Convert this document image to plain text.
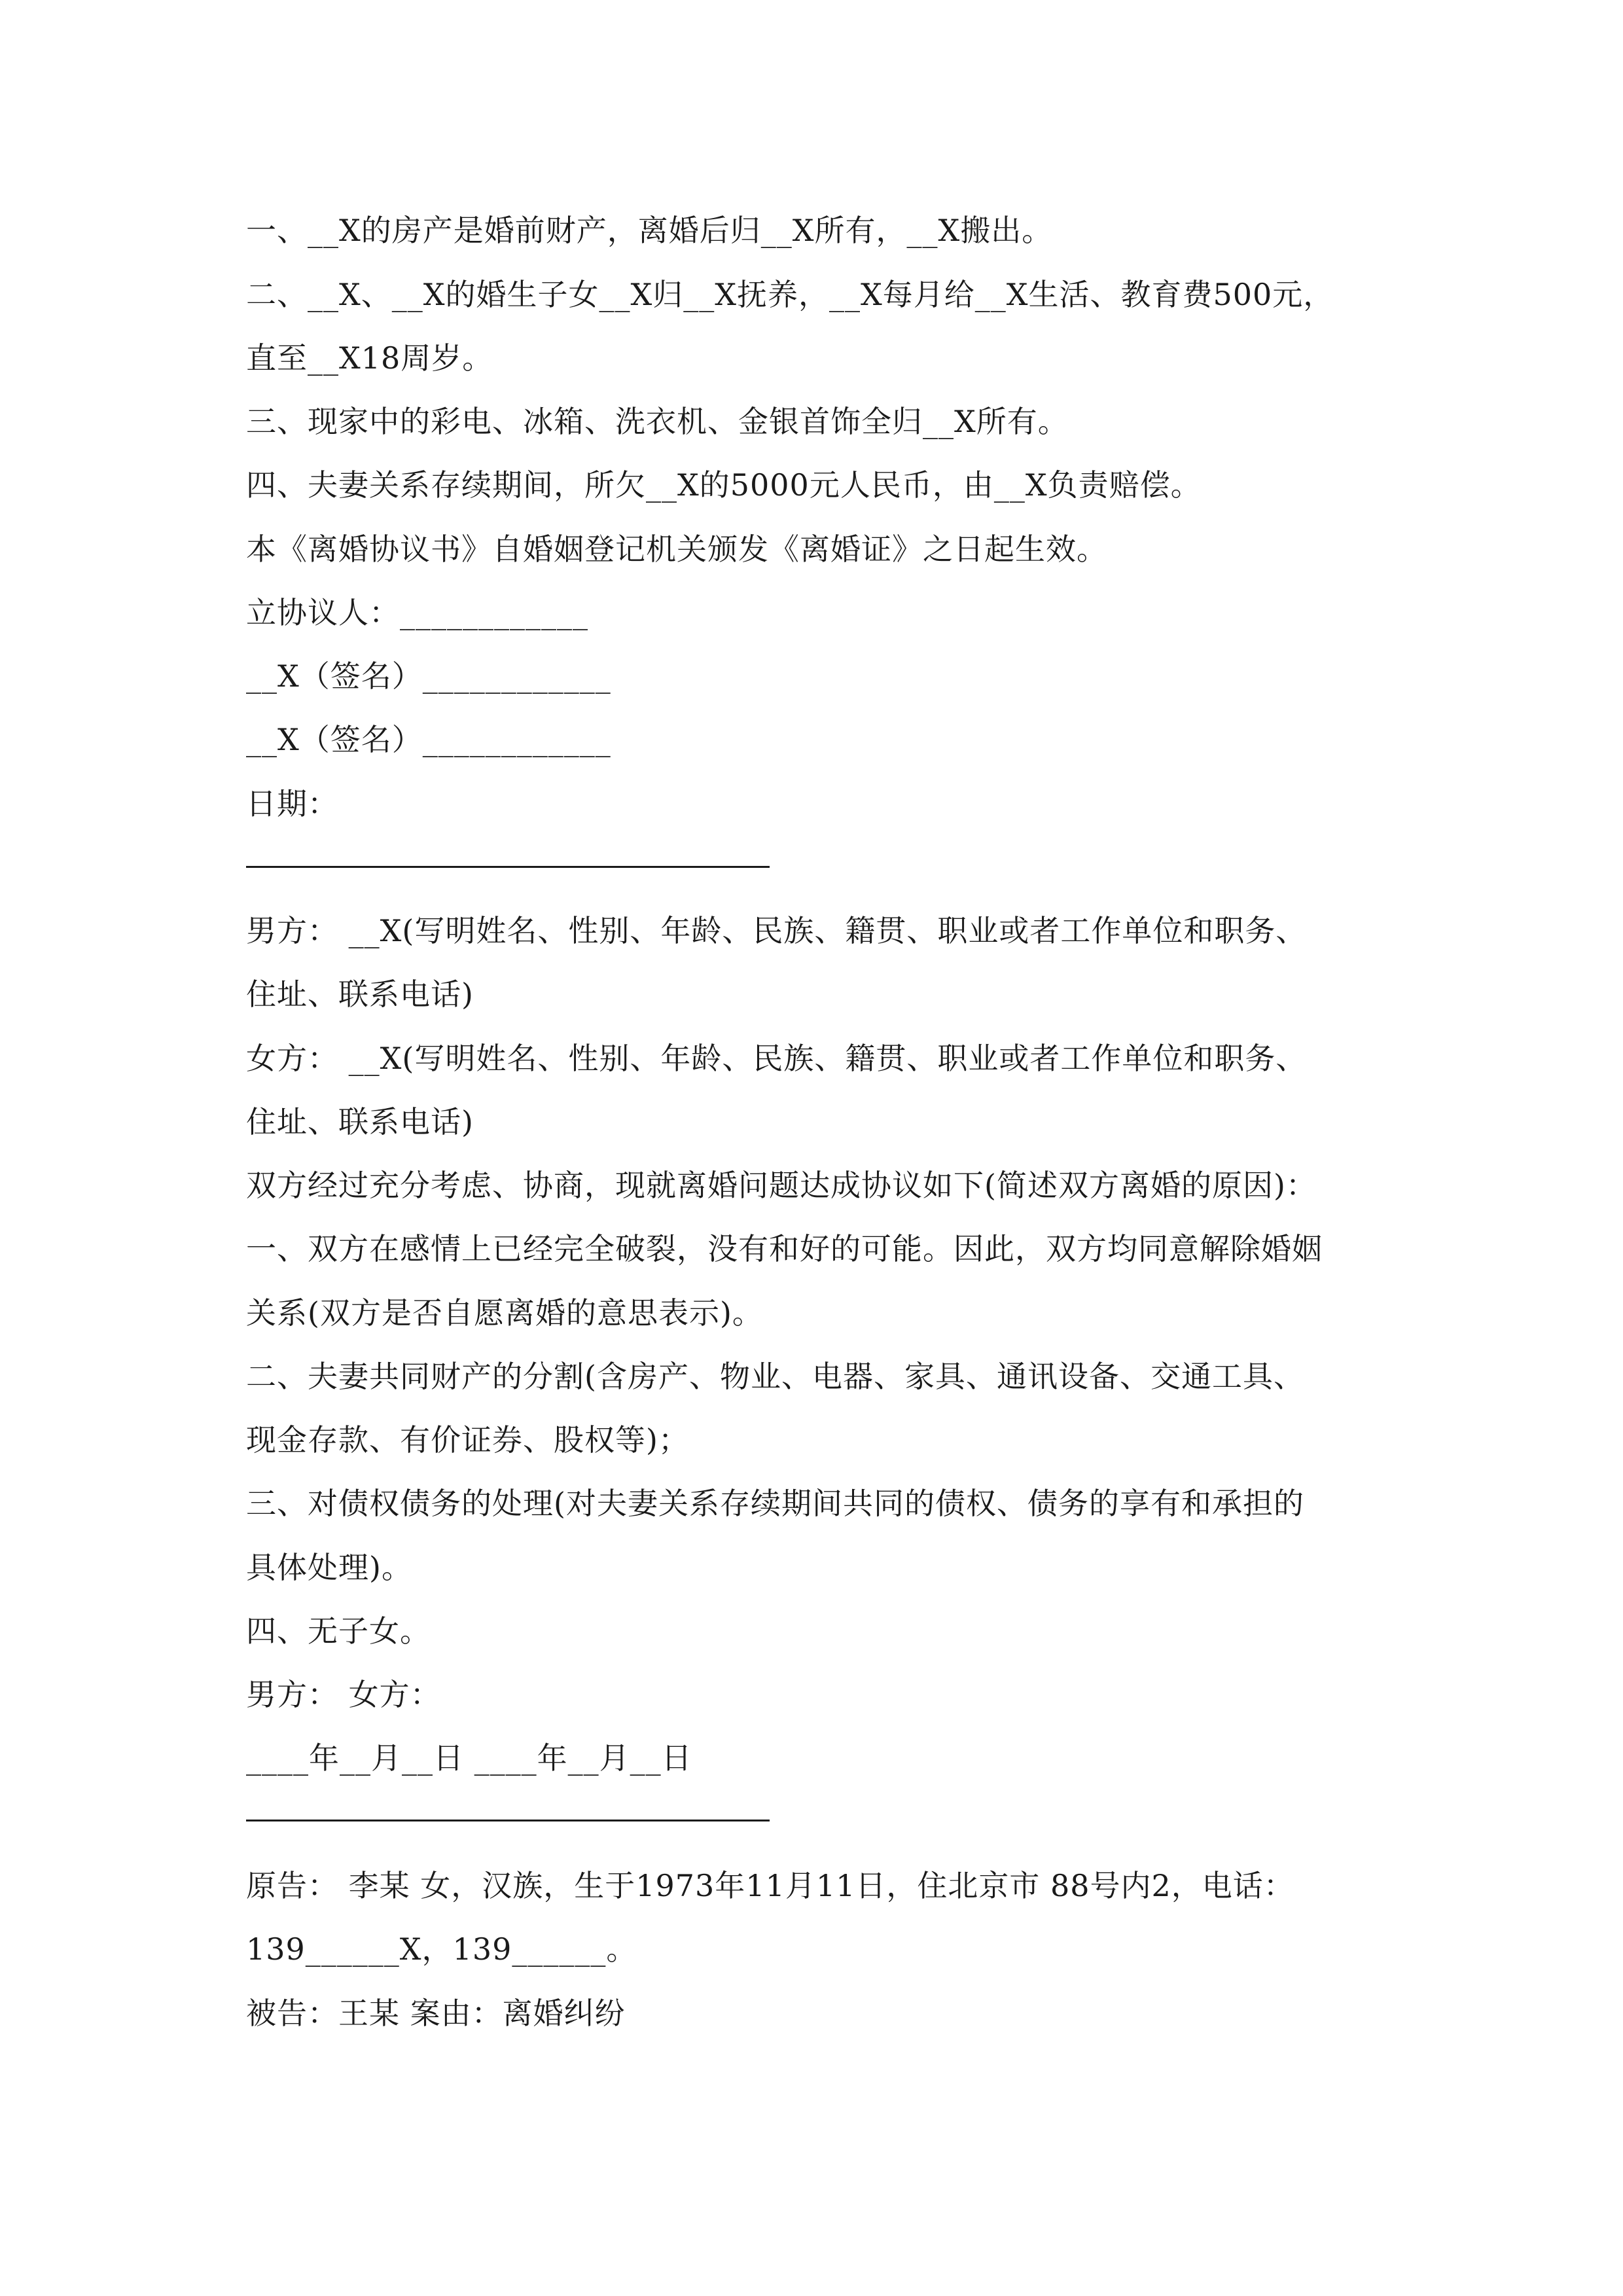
一、__X的房产是婚前财产，离婚后归__X所有，__X搬出。
二、__X、__X的婚生子女__X归__X抚养，__X每月给__X生活、教育费500元，
直至__X18周岁。
三、现家中的彩电、冰箱、洗衣机、金银首饰全归__X所有。
四、夫妻关系存续期间，所欠__X的5000元人民币，由__X负责赔偿。
本《离婚协议书》自婚姻登记机关颁发《离婚证》之日起生效。
立协议人：____________
__X（签名）____________
__X（签名）____________
日期：
男方： __X(写明姓名、性别、年龄、民族、籍贯、职业或者工作单位和职务、
住址、联系电话)
女方： __X(写明姓名、性别、年龄、民族、籍贯、职业或者工作单位和职务、
住址、联系电话)
双方经过充分考虑、协商，现就离婚问题达成协议如下(简述双方离婚的原因)：
一、双方在感情上已经完全破裂，没有和好的可能。因此，双方均同意解除婚姻
关系(双方是否自愿离婚的意思表示)。
二、夫妻共同财产的分割(含房产、物业、电器、家具、通讯设备、交通工具、
现金存款、有价证券、股权等)；
三、对债权债务的处理(对夫妻关系存续期间共同的债权、债务的享有和承担的
具体处理)。
四、无子女。
男方： 女方：
____年__月__日 ____年__月__日
原告： 李某 女，汉族，生于1973年11月11日，住北京市 88号内2，电话：
139______X，139______。
被告：王某 案由：离婚纠纷
